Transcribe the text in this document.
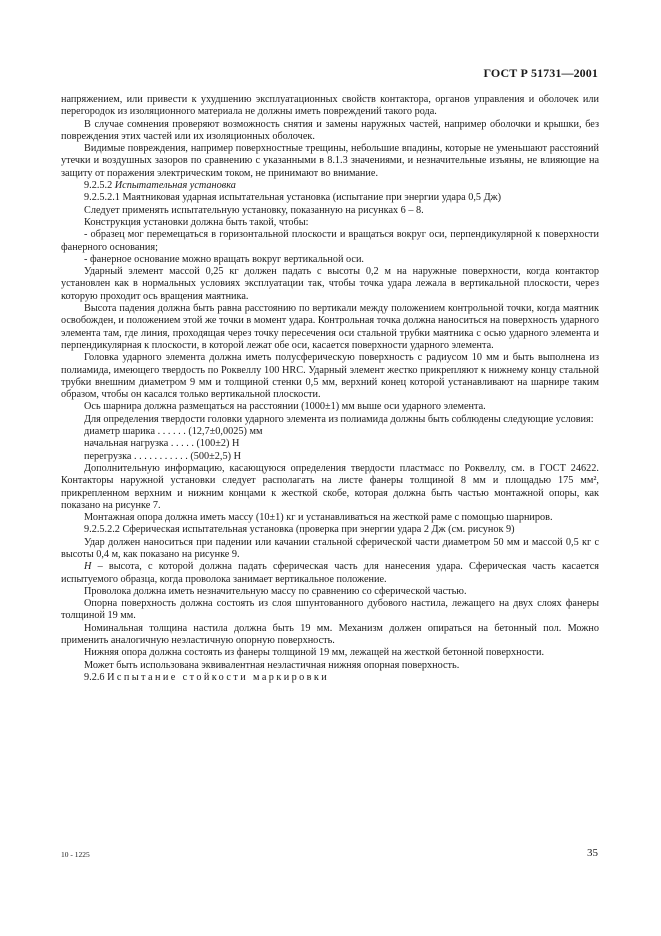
ГОСТ Р 51731—2001

напряжением, или привести к ухудшению эксплуатационных свойств контактора, органов управления и оболочек или перегородок из изоляционного материала не должны иметь повреждений такого рода.

В случае сомнения проверяют возможность снятия и замены наружных частей, например оболочки и крышки, без повреждения этих частей или их изоляционных оболочек.

Видимые повреждения, например поверхностные трещины, небольшие впадины, которые не уменьшают расстояний утечки и воздушных зазоров по сравнению с указанными в 8.1.3 значениями, и незначительные изъяны, не влияющие на защиту от поражения электрическим током, не принимают во внимание.

9.2.5.2 Испытательная установка

9.2.5.2.1 Маятниковая ударная испытательная установка (испытание при энергии удара 0,5 Дж)

Следует применять испытательную установку, показанную на рисунках 6 – 8.

Конструкция установки должна быть такой, чтобы:

- образец мог перемещаться в горизонтальной плоскости и вращаться вокруг оси, перпендикулярной к поверхности фанерного основания;

- фанерное основание можно вращать вокруг вертикальной оси.

Ударный элемент массой 0,25 кг должен падать с высоты 0,2 м на наружные поверхности, когда контактор установлен как в нормальных условиях эксплуатации так, чтобы точка удара лежала в вертикальной плоскости, через которую проходит ось вращения маятника.

Высота падения должна быть равна расстоянию по вертикали между положением контрольной точки, когда маятник освобожден, и положением этой же точки в момент удара. Контрольная точка должна наноситься на поверхность ударного элемента там, где линия, проходящая через точку пересечения оси стальной трубки маятника с осью ударного элемента и перпендикулярная к плоскости, в которой лежат обе оси, касается поверхности ударного элемента.

Головка ударного элемента должна иметь полусферическую поверхность с радиусом 10 мм и быть выполнена из полиамида, имеющего твердость по Роквеллу 100 HRC. Ударный элемент жестко прикрепляют к нижнему концу стальной трубки внешним диаметром 9 мм и толщиной стенки 0,5 мм, верхний конец которой устанавливают на шарнире таким образом, чтобы он касался только вертикальной плоскости.

Ось шарнира должна размещаться на расстоянии (1000±1) мм выше оси ударного элемента.

Для определения твердости головки ударного элемента из полиамида должны быть соблюдены следующие условия:

диаметр шарика . . . . . . (12,7±0,0025) мм
начальная нагрузка . . . . . (100±2) Н
перегрузка . . . . . . . . . . . (500±2,5) Н

Дополнительную информацию, касающуюся определения твердости пластмасс по Роквеллу, см. в ГОСТ 24622. Контакторы наружной установки следует располагать на листе фанеры толщиной 8 мм и площадью 175 мм², прикрепленном верхним и нижним концами к жесткой скобе, которая должна быть частью монтажной опоры, как показано на рисунке 7.

Монтажная опора должна иметь массу (10±1) кг и устанавливаться на жесткой раме с помощью шарниров.

9.2.5.2.2 Сферическая испытательная установка (проверка при энергии удара 2 Дж (см. рисунок 9)

Удар должен наноситься при падении или качании стальной сферической части диаметром 50 мм и массой 0,5 кг с высоты 0,4 м, как показано на рисунке 9.

H – высота, с которой должна падать сферическая часть для нанесения удара. Сферическая часть касается испытуемого образца, когда проволока занимает вертикальное положение.

Проволока должна иметь незначительную массу по сравнению со сферической частью.

Опорна поверхность должна состоять из слоя шпунтованного дубового настила, лежащего на двух слоях фанеры толщиной 19 мм.

Номинальная толщина настила должна быть 19 мм. Механизм должен опираться на бетонный пол. Можно применить аналогичную неэластичную опорную поверхность.

Нижняя опора должна состоять из фанеры толщиной 19 мм, лежащей на жесткой бетонной поверхности.

Может быть использована эквивалентная неэластичная нижняя опорная поверхность.

9.2.6 Испытание стойкости маркировки

10 - 1225	35
